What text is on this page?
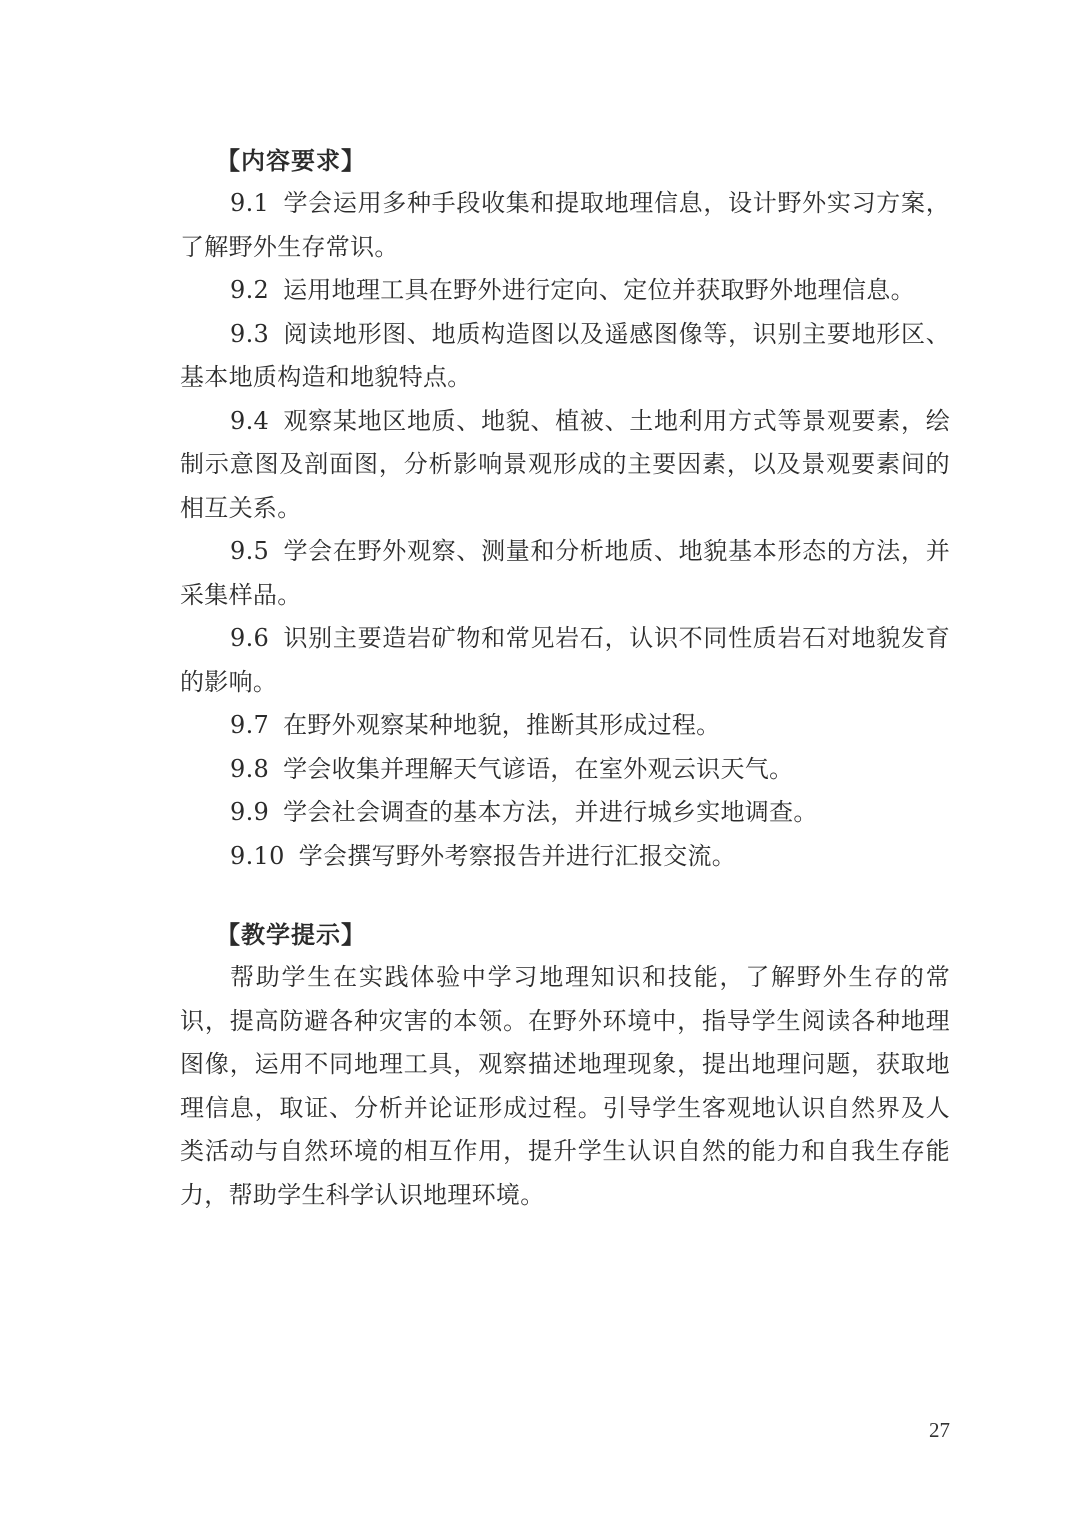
【内容要求】
9.1 学会运用多种手段收集和提取地理信息，设计野外实习方案，了解野外生存常识。
9.2 运用地理工具在野外进行定向、定位并获取野外地理信息。
9.3 阅读地形图、地质构造图以及遥感图像等，识别主要地形区、基本地质构造和地貌特点。
9.4 观察某地区地质、地貌、植被、土地利用方式等景观要素，绘制示意图及剖面图，分析影响景观形成的主要因素，以及景观要素间的相互关系。
9.5 学会在野外观察、测量和分析地质、地貌基本形态的方法，并采集样品。
9.6 识别主要造岩矿物和常见岩石，认识不同性质岩石对地貌发育的影响。
9.7 在野外观察某种地貌，推断其形成过程。
9.8 学会收集并理解天气谚语，在室外观云识天气。
9.9 学会社会调查的基本方法，并进行城乡实地调查。
9.10 学会撰写野外考察报告并进行汇报交流。
【教学提示】
帮助学生在实践体验中学习地理知识和技能，了解野外生存的常识，提高防避各种灾害的本领。在野外环境中，指导学生阅读各种地理图像，运用不同地理工具，观察描述地理现象，提出地理问题，获取地理信息，取证、分析并论证形成过程。引导学生客观地认识自然界及人类活动与自然环境的相互作用，提升学生认识自然的能力和自我生存能力，帮助学生科学认识地理环境。
27
